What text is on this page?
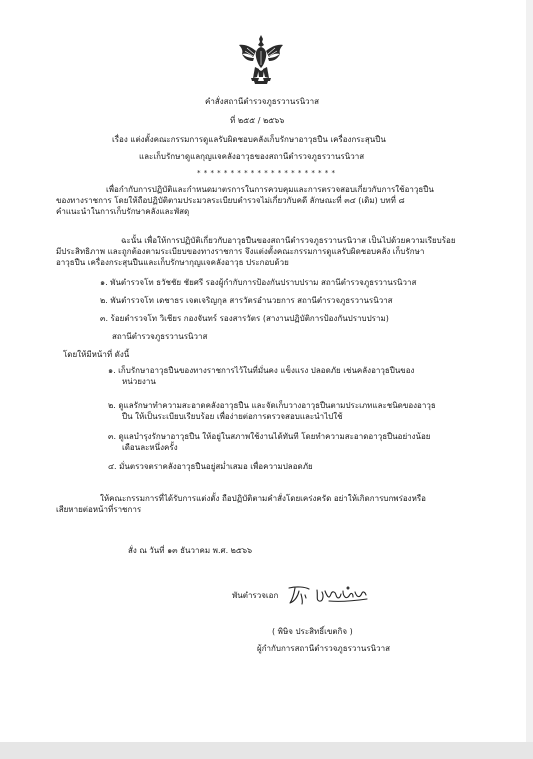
คำสั่งสถานีตำรวจภูธรวานรนิวาส
ที่ ๒๕๕ / ๒๕๖๖
เรื่อง แต่งตั้งคณะกรรมการดูแลรับผิดชอบคลังเก็บรักษาอาวุธปืน เครื่องกระสุนปืน
และเก็บรักษาดูแลกุญแจคลังอาวุธของสถานีตำรวจภูธรวานรนิวาส
* * * * * * * * * * * * * * * * * * * * *
เพื่อกำกับการปฏิบัติและกำหนดมาตรการในการควบคุมและการตรวจสอบเกี่ยวกับการใช้อาวุธปืน
ของทางราชการ โดยให้ถือปฏิบัติตามประมวลระเบียบตำรวจไม่เกี่ยวกับคดี ลักษณะที่ ๓๔ (เดิม) บทที่ ๘
คำแนะนำในการเก็บรักษาคลังและพัสดุ
ฉะนั้น เพื่อให้การปฏิบัติเกี่ยวกับอาวุธปืนของสถานีตำรวจภูธรวานรนิวาส เป็นไปด้วยความเรียบร้อย
มีประสิทธิภาพ และถูกต้องตามระเบียบของทางราชการ จึงแต่งตั้งคณะกรรมการดูแลรับผิดชอบคลัง เก็บรักษา
อาวุธปืน เครื่องกระสุนปืนและเก็บรักษากุญแจคลังอาวุธ ประกอบด้วย
๑. พันตำรวจโท ธวัชชัย ชัยศรี รองผู้กำกับการป้องกันปราบปราม สถานีตำรวจภูธรวานรนิวาส
๒. พันตำรวจโท เดชาธร เจตเจริญกุล สารวัตรอำนวยการ สถานีตำรวจภูธรวานรนิวาส
๓. ร้อยตำรวจโท วิเชียร กองจันทร์ รองสารวัตร (สางานปฏิบัติการป้องกันปราบปราม)
สถานีตำรวจภูธรวานรนิวาส
โดยให้มีหน้าที่ ดังนี้
๑. เก็บรักษาอาวุธปืนของทางราชการไว้ในที่มั่นคง แข็งแรง ปลอดภัย เช่นคลังอาวุธปืนของ
หน่วยงาน
๒. ดูแลรักษาทำความสะอาดคลังอาวุธปืน และจัดเก็บวางอาวุธปืนตามประเภทและชนิดของอาวุธ
ปืน ให้เป็นระเบียบเรียบร้อย เพื่อง่ายต่อการตรวจสอบและนำไปใช้
๓. ดูแลบำรุงรักษาอาวุธปืน ให้อยู่ในสภาพใช้งานได้ทันที โดยทำความสะอาดอาวุธปืนอย่างน้อย
เดือนละหนึ่งครั้ง
๔. มั่นตรวจตราคลังอาวุธปืนอยู่สม่ำเสมอ เพื่อความปลอดภัย
ให้คณะกรรมการที่ได้รับการแต่งตั้ง ถือปฏิบัติตามคำสั่งโดยเคร่งครัด อย่าให้เกิดการบกพร่องหรือ
เสียหายต่อหน้าที่ราชการ
สั่ง ณ วันที่ ๑๓ ธันวาคม พ.ศ. ๒๕๖๖
พันตำรวจเอก
( พิษิจ ประสิทธิ์เขตกิจ )
ผู้กำกับการสถานีตำรวจภูธรวานรนิวาส
